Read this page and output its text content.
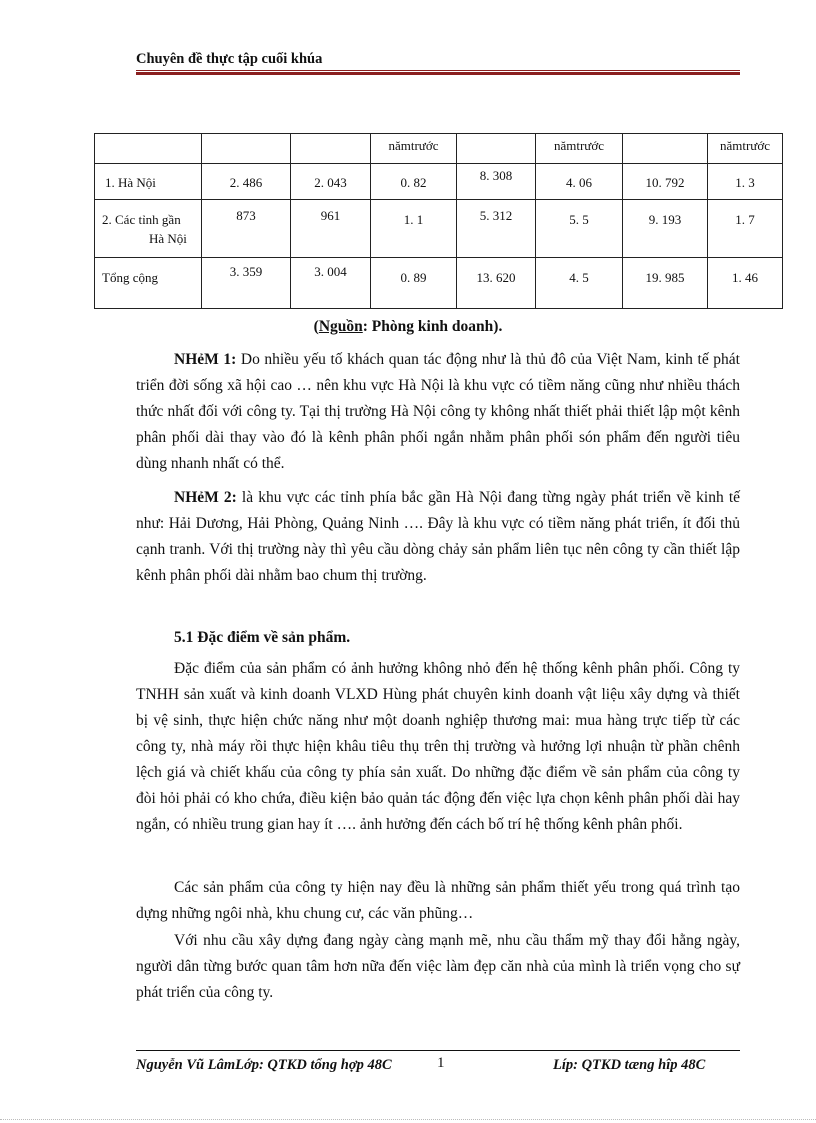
Chuyên đề thực tập cuối khúa

			nămtrước		nămtrước		nămtrước

1. Hà Nội	2. 486	2. 043	0. 82	8. 308	4. 06	10. 792	1. 3

2. Các tỉnh gần
Hà Nội	873	961	1. 1	5. 312	5. 5	9. 193	1. 7

Tổng cộng	3. 359	3. 004	0. 89	13. 620	4. 5	19. 985	1. 46
(Nguồn: Phòng kinh doanh).

NHẻM 1: Do nhiều yếu tố khách quan tác động như là thủ đô của Việt Nam, kinh tế phát triển đời sống xã hội cao … nên khu vực Hà Nội là khu vực có tiềm năng cũng như nhiều thách thức nhất đối với công ty. Tại thị trường Hà Nội công ty không nhất thiết phải thiết lập một kênh phân phối dài thay vào đó là kênh phân phối ngắn nhằm phân phối són phẩm đến người tiêu dùng nhanh nhất có thể.

NHẻM 2: là khu vực các tỉnh phía bắc gần Hà Nội đang từng ngày phát triển về kinh tế như: Hải Dương, Hải Phòng, Quảng Ninh …. Đây là khu vực có tiềm năng phát triển, ít đối thủ cạnh tranh. Với thị trường này thì yêu cầu dòng chảy sản phẩm liên tục nên công ty cần thiết lập kênh phân phối dài nhằm bao chum thị trường.

5.1 Đặc điểm về sản phẩm.

Đặc điểm của sản phẩm có ảnh hưởng không nhỏ đến hệ thống kênh phân phối. Công ty TNHH sản xuất và kinh doanh VLXD Hùng phát chuyên kinh doanh vật liệu xây dựng và thiết bị vệ sinh, thực hiện chức năng như một doanh nghiệp thương mai: mua hàng trực tiếp từ các công ty, nhà máy rồi thực hiện khâu tiêu thụ trên thị trường và hưởng lợi nhuận từ phần chênh lệch giá và chiết khấu của công ty phía sản xuất. Do những đặc điểm về sản phẩm của công ty đòi hỏi phải có kho chứa, điều kiện bảo quản tác động đến việc lựa chọn kênh phân phối dài hay ngắn, có nhiều trung gian hay ít …. ảnh hưởng đến cách bố trí hệ thống kênh phân phối.

Các sản phẩm của công ty hiện nay đều là những sản phẩm thiết yếu trong quá trình tạo dựng những ngôi nhà, khu chung cư, các văn phũng…

Với nhu cầu xây dựng đang ngày càng mạnh mẽ, nhu cầu thẩm mỹ thay đổi hằng ngày, người dân từng bước quan tâm hơn nữa đến việc làm đẹp căn nhà của mình là triển vọng cho sự phát triển của công ty.

Nguyễn Vũ LâmLớp: QTKD tổng hợp 48C	1	Líp: QTKD tæng hîp 48C
